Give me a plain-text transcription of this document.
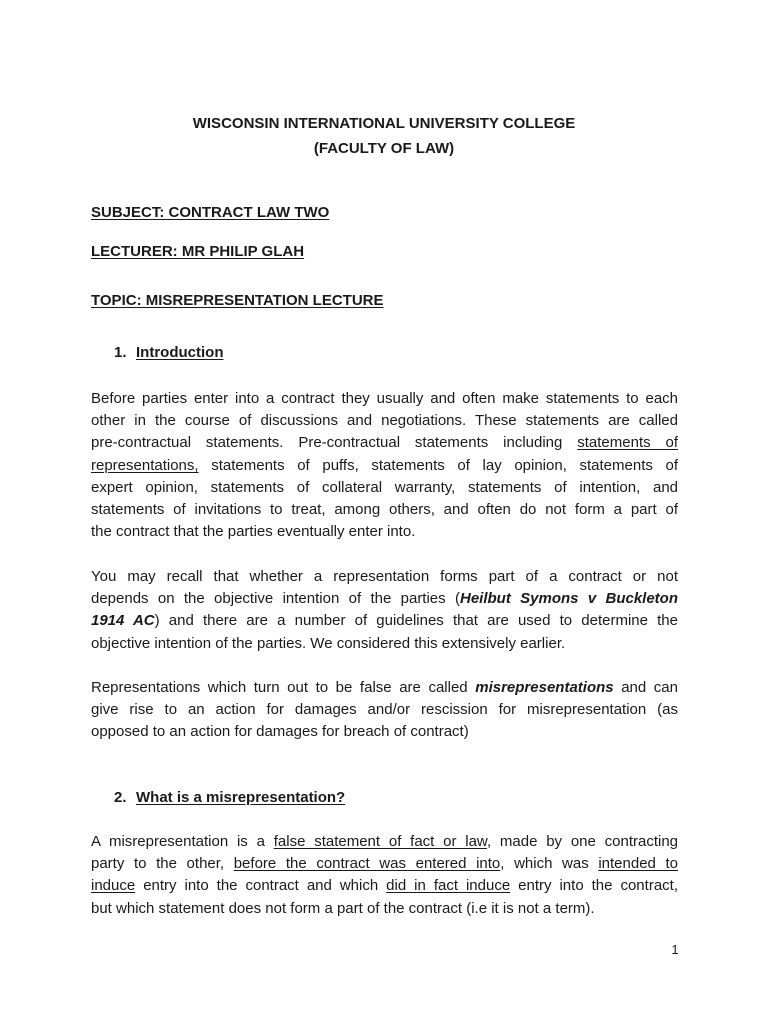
WISCONSIN INTERNATIONAL UNIVERSITY COLLEGE
(FACULTY OF LAW)
SUBJECT: CONTRACT LAW TWO
LECTURER: MR PHILIP GLAH
TOPIC: MISREPRESENTATION LECTURE
1. Introduction
Before parties enter into a contract they usually and often make statements to each
other in the course of discussions and negotiations. These statements are called
pre-contractual statements. Pre-contractual statements including statements of
representations, statements of puffs, statements of lay opinion, statements of
expert opinion, statements of collateral warranty, statements of intention, and
statements of invitations to treat, among others, and often do not form a part of
the contract that the parties eventually enter into.
You may recall that whether a representation forms part of a contract or not
depends on the objective intention of the parties (Heilbut Symons v Buckleton
1914 AC) and there are a number of guidelines that are used to determine the
objective intention of the parties. We considered this extensively earlier.
Representations which turn out to be false are called misrepresentations and can
give rise to an action for damages and/or rescission for misrepresentation (as
opposed to an action for damages for breach of contract)
2. What is a misrepresentation?
A misrepresentation is a false statement of fact or law, made by one contracting
party to the other, before the contract was entered into, which was intended to
induce entry into the contract and which did in fact induce entry into the contract,
but which statement does not form a part of the contract (i.e it is not a term).
1
